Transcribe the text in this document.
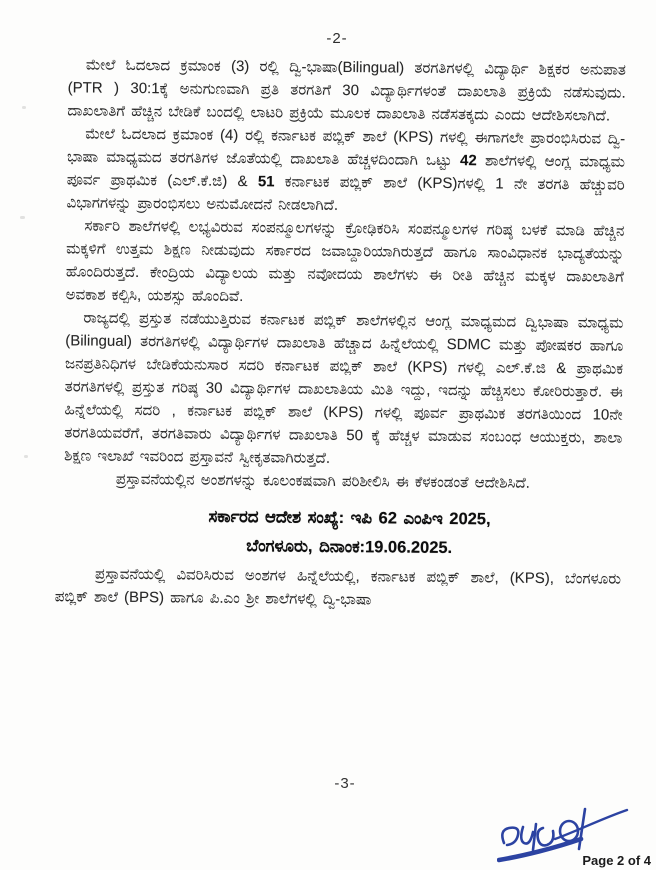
-2-

ಮೇಲೆ ಓದಲಾದ ಕ್ರಮಾಂಕ (3) ರಲ್ಲಿ ದ್ವಿ-ಭಾಷಾ(Bilingual) ತರಗತಿಗಳಲ್ಲಿ ವಿದ್ಯಾರ್ಥಿ ಶಿಕ್ಷಕರ ಅನುಪಾತ (PTR ) 30:1ಕ್ಕೆ ಅನುಗುಣವಾಗಿ ಪ್ರತಿ ತರಗತಿಗೆ 30 ವಿದ್ಯಾರ್ಥಿಗಳಂತೆ ದಾಖಲಾತಿ ಪ್ರಕ್ರಿಯೆ ನಡೆಸುವುದು. ದಾಖಲಾತಿಗೆ ಹೆಚ್ಚಿನ ಬೇಡಿಕೆ ಬಂದಲ್ಲಿ ಲಾಟರಿ ಪ್ರಕ್ರಿಯೆ ಮೂಲಕ ದಾಖಲಾತಿ ನಡೆಸತಕ್ಕದು ಎಂದು ಆದೇಶಿಸಲಾಗಿದೆ.

ಮೇಲೆ ಓದಲಾದ ಕ್ರಮಾಂಕ (4) ರಲ್ಲಿ ಕರ್ನಾಟಕ ಪಬ್ಲಿಕ್ ಶಾಲೆ (KPS) ಗಳಲ್ಲಿ ಈಗಾಗಲೇ ಪ್ರಾರಂಭಿಸಿರುವ ದ್ವಿ-ಭಾಷಾ ಮಾಧ್ಯಮದ ತರಗತಿಗಳ ಜೊತೆಯಲ್ಲಿ ದಾಖಲಾತಿ ಹೆಚ್ಚಳದಿಂದಾಗಿ ಒಟ್ಟು 42 ಶಾಲೆಗಳಲ್ಲಿ ಆಂಗ್ಲ ಮಾಧ್ಯಮ ಪೂರ್ವ ಪ್ರಾಥಮಿಕ (ಎಲ್.ಕೆ.ಜಿ) & 51 ಕರ್ನಾಟಕ ಪಬ್ಲಿಕ್ ಶಾಲೆ (KPS)ಗಳಲ್ಲಿ 1 ನೇ ತರಗತಿ ಹೆಚ್ಚುವರಿ ವಿಭಾಗಗಳನ್ನು ಪ್ರಾರಂಭಿಸಲು ಅನುಮೋದನೆ ನೀಡಲಾಗಿದೆ.

ಸರ್ಕಾರಿ ಶಾಲೆಗಳಲ್ಲಿ ಲಭ್ಯವಿರುವ ಸಂಪನ್ಮೂಲಗಳನ್ನು ಕ್ರೋಢಿಕರಿಸಿ ಸಂಪನ್ಮೂಲಗಳ ಗರಿಷ್ಠ ಬಳಕೆ ಮಾಡಿ ಹೆಚ್ಚಿನ ಮಕ್ಕಳಿಗೆ ಉತ್ತಮ ಶಿಕ್ಷಣ ನೀಡುವುದು ಸರ್ಕಾರದ ಜವಾಬ್ದಾರಿಯಾಗಿರುತ್ತದೆ ಹಾಗೂ ಸಾಂವಿಧಾನಕ ಭಾದ್ಯತೆಯನ್ನು ಹೊಂದಿರುತ್ತದೆ. ಕೇಂದ್ರಿಯ ವಿದ್ಯಾಲಯ ಮತ್ತು ನವೋದಯ ಶಾಲೆಗಳು ಈ ರೀತಿ ಹೆಚ್ಚಿನ ಮಕ್ಕಳ ದಾಖಲಾತಿಗೆ ಅವಕಾಶ ಕಲ್ಪಿಸಿ, ಯಶಸ್ಸು ಹೊಂದಿವೆ.

ರಾಜ್ಯದಲ್ಲಿ ಪ್ರಸ್ತುತ ನಡೆಯುತ್ತಿರುವ ಕರ್ನಾಟಕ ಪಬ್ಲಿಕ್ ಶಾಲೆಗಳಲ್ಲಿನ ಆಂಗ್ಲ ಮಾಧ್ಯಮದ ದ್ವಿಭಾಷಾ ಮಾಧ್ಯಮ (Bilingual) ತರಗತಿಗಳಲ್ಲಿ ವಿದ್ಯಾರ್ಥಿಗಳ ದಾಖಲಾತಿ ಹೆಚ್ಚಾದ ಹಿನ್ನೆಲೆಯಲ್ಲಿ SDMC ಮತ್ತು ಪೋಷಕರ ಹಾಗೂ ಜನಪ್ರತಿನಿಧಿಗಳ ಬೇಡಿಕೆಯನುಸಾರ ಸದರಿ ಕರ್ನಾಟಕ ಪಬ್ಲಿಕ್ ಶಾಲೆ (KPS) ಗಳಲ್ಲಿ ಎಲ್.ಕೆ.ಜಿ & ಪ್ರಾಥಮಿಕ ತರಗತಿಗಳಲ್ಲಿ ಪ್ರಸ್ತುತ ಗರಿಷ್ಠ 30 ವಿದ್ಯಾರ್ಥಿಗಳ ದಾಖಲಾತಿಯ ಮಿತಿ ಇದ್ದು, ಇದನ್ನು ಹೆಚ್ಚಿಸಲು ಕೋರಿರುತ್ತಾರೆ. ಈ ಹಿನ್ನೆಲೆಯಲ್ಲಿ ಸದರಿ , ಕರ್ನಾಟಕ ಪಬ್ಲಿಕ್ ಶಾಲೆ (KPS) ಗಳಲ್ಲಿ ಪೂರ್ವ ಪ್ರಾಥಮಿಕ ತರಗತಿಯಿಂದ 10ನೇ ತರಗತಿಯವರೆಗೆ, ತರಗತಿವಾರು ವಿದ್ಯಾರ್ಥಿಗಳ ದಾಖಲಾತಿ 50 ಕ್ಕೆ ಹೆಚ್ಚಳ ಮಾಡುವ ಸಂಬಂಧ ಆಯುಕ್ತರು, ಶಾಲಾ ಶಿಕ್ಷಣ ಇಲಾಖೆ ಇವರಿಂದ ಪ್ರಸ್ತಾವನೆ ಸ್ವೀಕೃತವಾಗಿರುತ್ತದೆ.

ಪ್ರಸ್ತಾವನೆಯಲ್ಲಿನ ಅಂಶಗಳನ್ನು ಕೂಲಂಕಷವಾಗಿ ಪರಿಶೀಲಿಸಿ ಈ ಕೆಳಕಂಡಂತೆ ಆದೇಶಿಸಿದೆ.

ಸರ್ಕಾರದ ಆದೇಶ ಸಂಖ್ಯೆ: ಇಪಿ 62 ಎಂಪಿಇ 2025,
ಬೆಂಗಳೂರು, ದಿನಾಂಕ:19.06.2025.

ಪ್ರಸ್ತಾವನೆಯಲ್ಲಿ ವಿವರಿಸಿರುವ ಅಂಶಗಳ ಹಿನ್ನೆಲೆಯಲ್ಲಿ, ಕರ್ನಾಟಕ ಪಬ್ಲಿಕ್ ಶಾಲೆ, (KPS), ಬೆಂಗಳೂರು ಪಬ್ಲಿಕ್ ಶಾಲೆ (BPS) ಹಾಗೂ ಪಿ.ಎಂ ಶ್ರೀ ಶಾಲೆಗಳಲ್ಲಿ ದ್ವಿ-ಭಾಷಾ

-3-
Page 2 of 4
